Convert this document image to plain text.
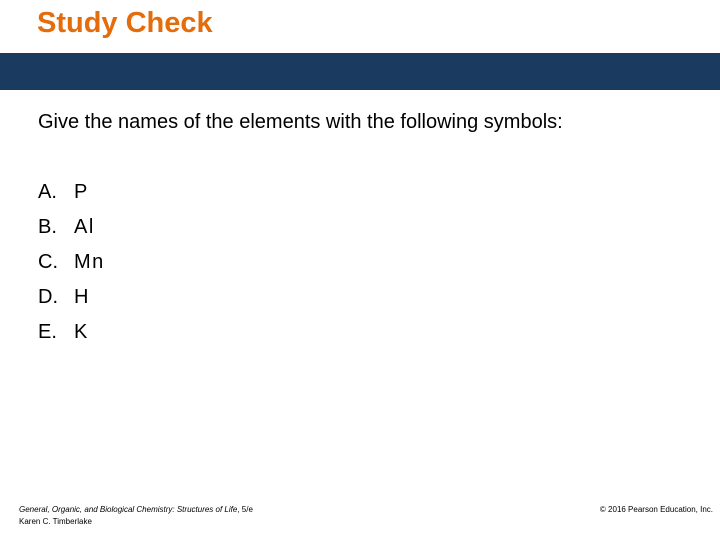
Study Check
Give the names of the elements with the following symbols:
A. P
B. Al
C. Mn
D. H
E. K
General, Organic, and Biological Chemistry: Structures of Life, 5/e
Karen C. Timberlake
© 2016 Pearson Education, Inc.
